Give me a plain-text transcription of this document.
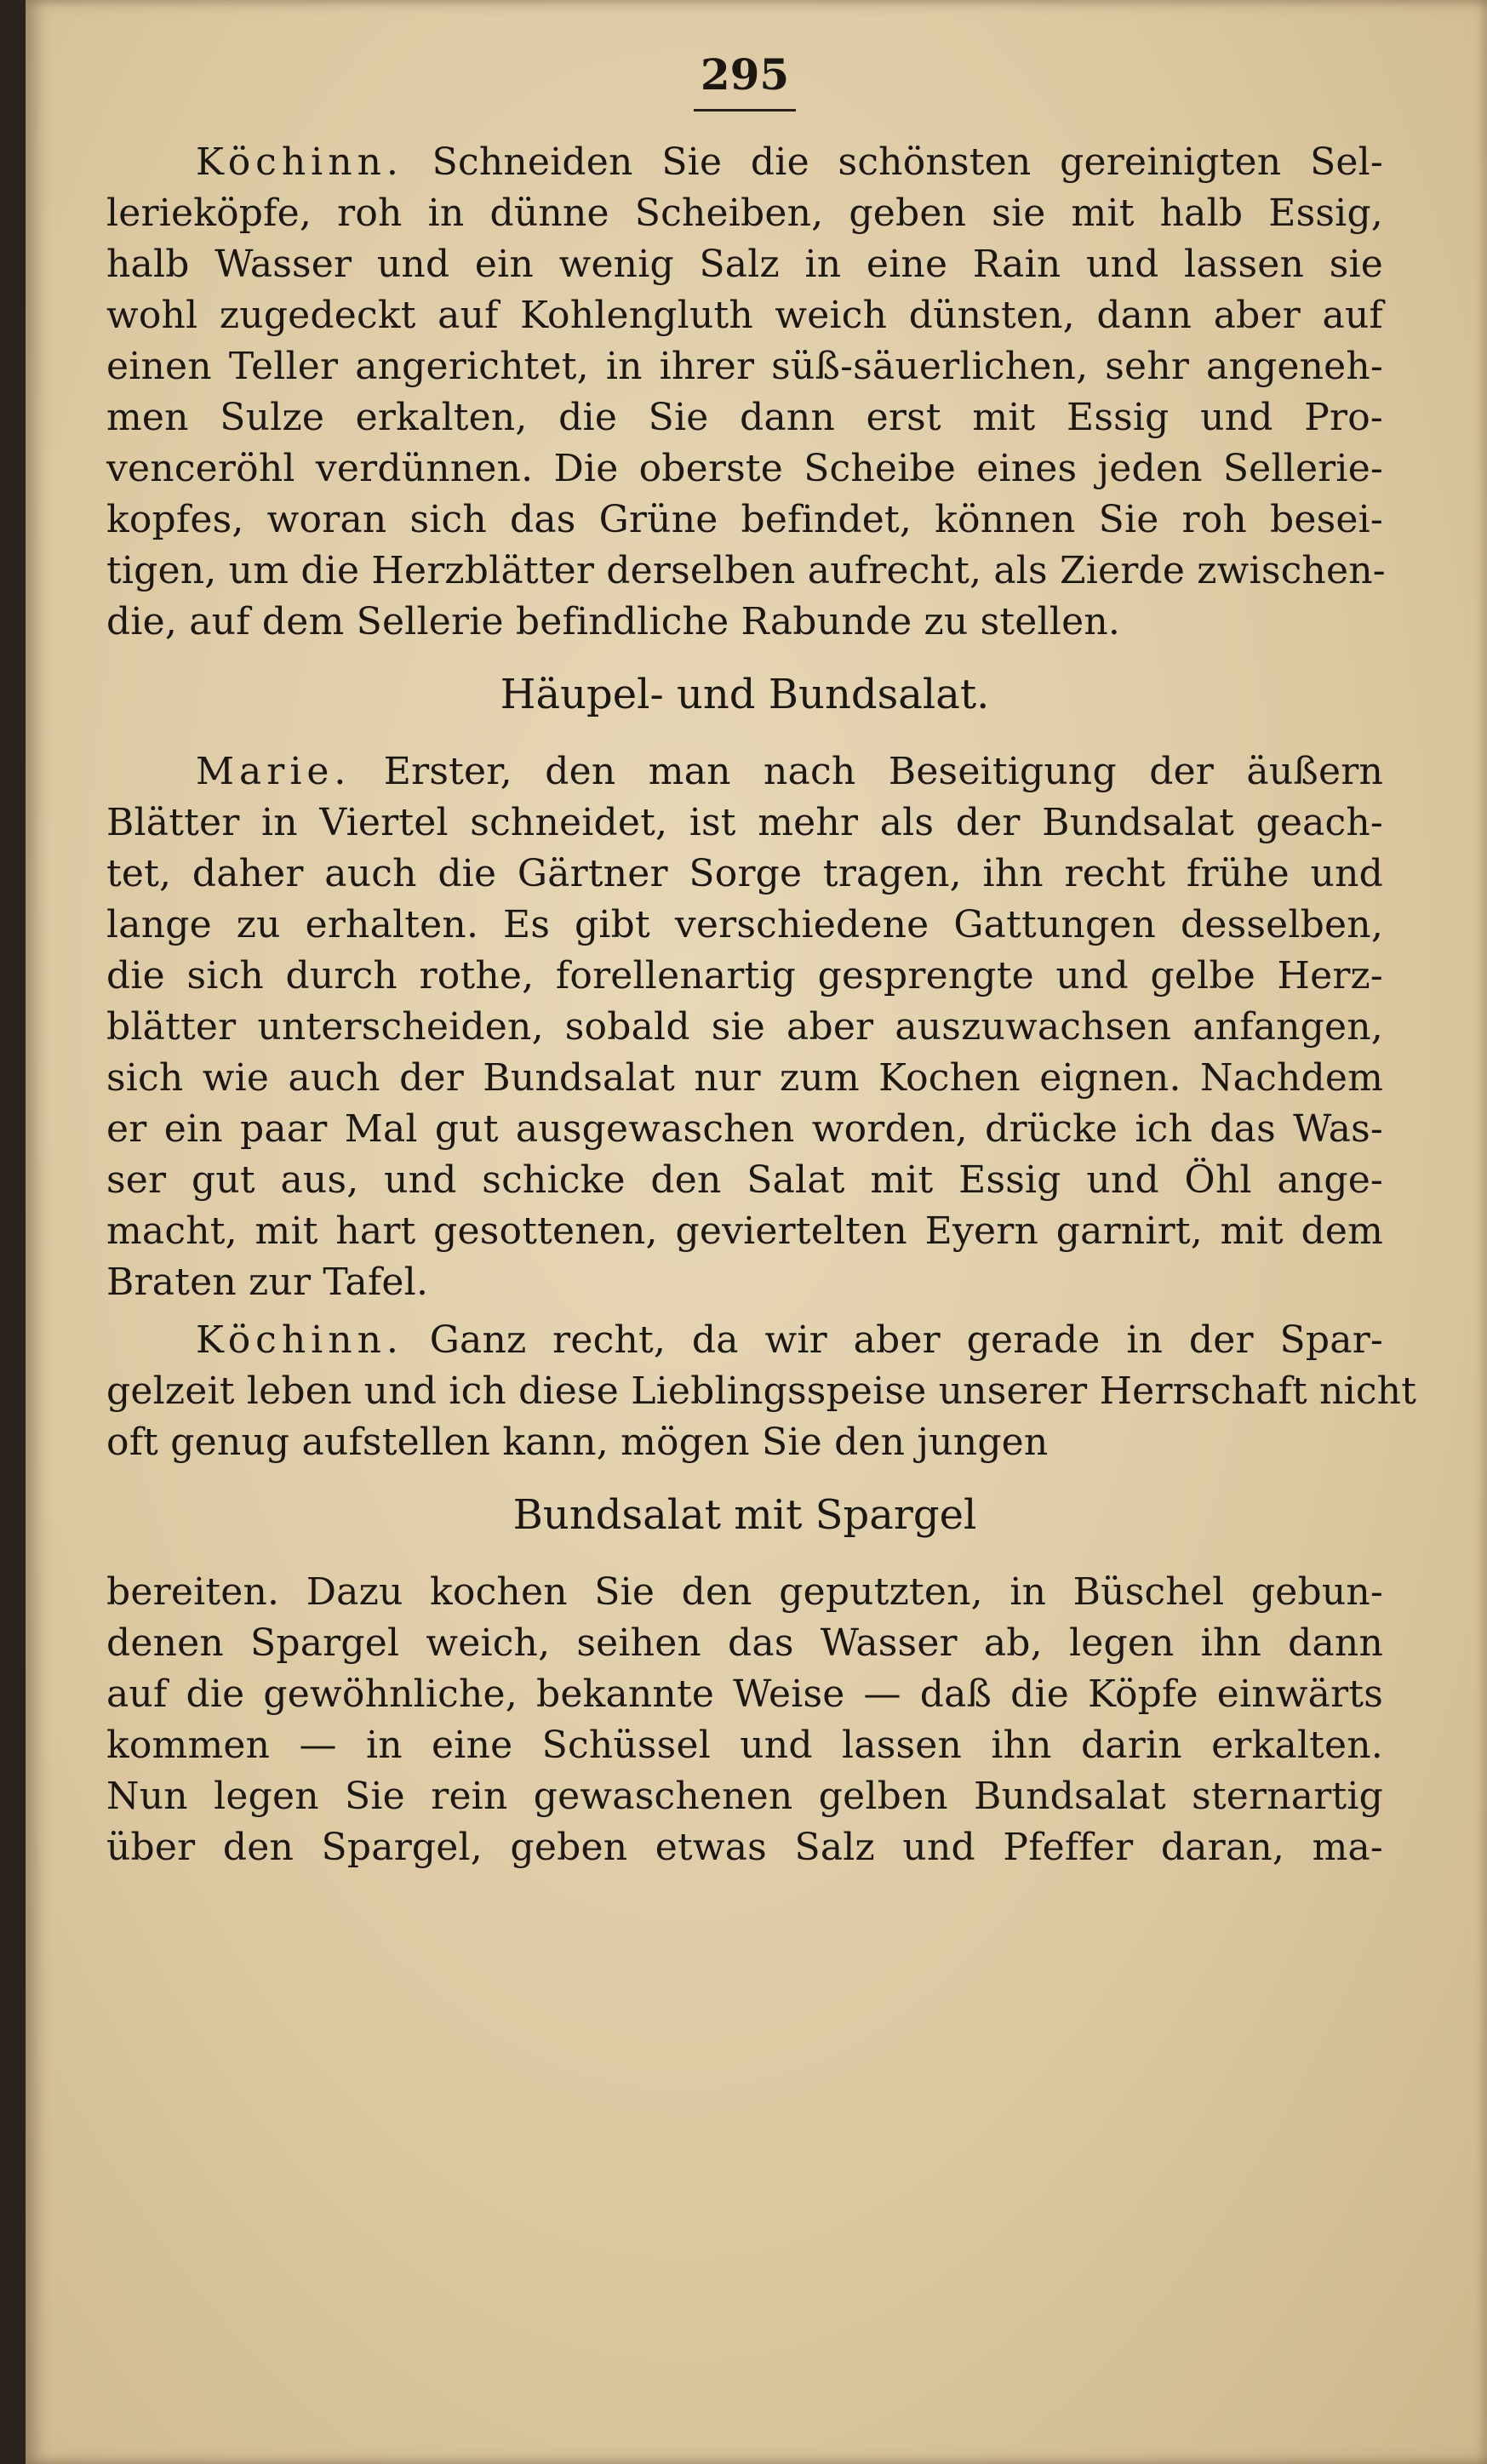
295
Köchinn. Schneiden Sie die schönsten gereinigten Sel-
lerieköpfe, roh in dünne Scheiben, geben sie mit halb Essig,
halb Wasser und ein wenig Salz in eine Rain und lassen sie
wohl zugedeckt auf Kohlengluth weich dünsten, dann aber auf
einen Teller angerichtet, in ihrer süß-säuerlichen, sehr angeneh-
men Sulze erkalten, die Sie dann erst mit Essig und Pro-
venceröhl verdünnen. Die oberste Scheibe eines jeden Sellerie-
kopfes, woran sich das Grüne befindet, können Sie roh besei-
tigen, um die Herzblätter derselben aufrecht, als Zierde zwischen-
die, auf dem Sellerie befindliche Rabunde zu stellen.
Häupel- und Bundsalat.
Marie. Erster, den man nach Beseitigung der äußern
Blätter in Viertel schneidet, ist mehr als der Bundsalat geach-
tet, daher auch die Gärtner Sorge tragen, ihn recht frühe und
lange zu erhalten. Es gibt verschiedene Gattungen desselben,
die sich durch rothe, forellenartig gesprengte und gelbe Herz-
blätter unterscheiden, sobald sie aber auszuwachsen anfangen,
sich wie auch der Bundsalat nur zum Kochen eignen. Nachdem
er ein paar Mal gut ausgewaschen worden, drücke ich das Was-
ser gut aus, und schicke den Salat mit Essig und Öhl ange-
macht, mit hart gesottenen, geviertelten Eyern garnirt, mit dem
Braten zur Tafel.
Köchinn. Ganz recht, da wir aber gerade in der Spar-
gelzeit leben und ich diese Lieblingsspeise unserer Herrschaft nicht
oft genug aufstellen kann, mögen Sie den jungen
Bundsalat mit Spargel
bereiten. Dazu kochen Sie den geputzten, in Büschel gebun-
denen Spargel weich, seihen das Wasser ab, legen ihn dann
auf die gewöhnliche, bekannte Weise — daß die Köpfe einwärts
kommen — in eine Schüssel und lassen ihn darin erkalten.
Nun legen Sie rein gewaschenen gelben Bundsalat sternartig
über den Spargel, geben etwas Salz und Pfeffer daran, ma-
